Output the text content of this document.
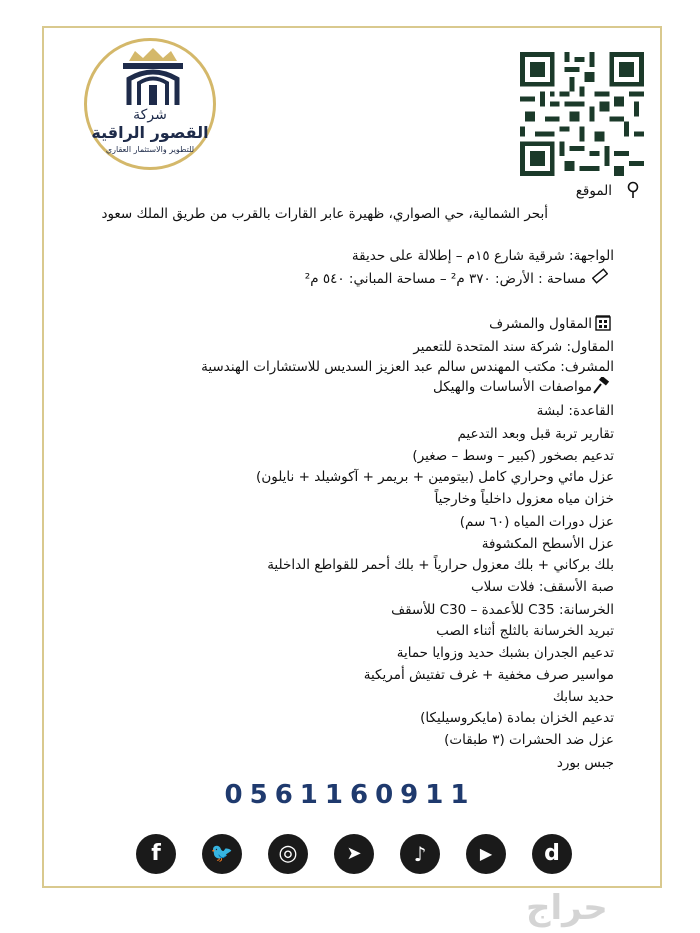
شركة
القصور الراقية
للتطوير والاستثمار العقاري
الموقع
أبحر الشمالية، حي الصواري، ظهيرة عابر القارات بالقرب من طريق الملك سعود
الواجهة: شرقية شارع ١٥م – إطلالة على حديقة
مساحة : الأرض: ٣٧٠ م² – مساحة المباني: ٥٤٠ م²
المقاول والمشرف
المقاول: شركة سند المتحدة للتعمير
المشرف: مكتب المهندس سالم عبد العزيز السديس للاستشارات الهندسية
مواصفات الأساسات والهيكل
القاعدة: لبشة
تقارير تربة قبل وبعد التدعيم
تدعيم بصخور (كبير – وسط – صغير)
عزل مائي وحراري كامل (بيتومين + بريمر + آكوشيلد + نايلون)
خزان مياه معزول داخلياً وخارجياً
عزل دورات المياه (٦٠ سم)
عزل الأسطح المكشوفة
بلك بركاني + بلك معزول حرارياً + بلك أحمر للقواطع الداخلية
صبة الأسقف: فلات سلاب
الخرسانة: C35 للأعمدة – C30 للأسقف
تبريد الخرسانة بالثلج أثناء الصب
تدعيم الجدران بشبك حديد وزوايا حماية
مواسير صرف مخفية + غرف تفتيش أمريكية
حديد سابك
تدعيم الخزان بمادة (مايكروسيليكا)
عزل ضد الحشرات (٣ طبقات)
جبس بورد
0561160911
f	🐦	◎	➤	♪	▶	d
حراج
